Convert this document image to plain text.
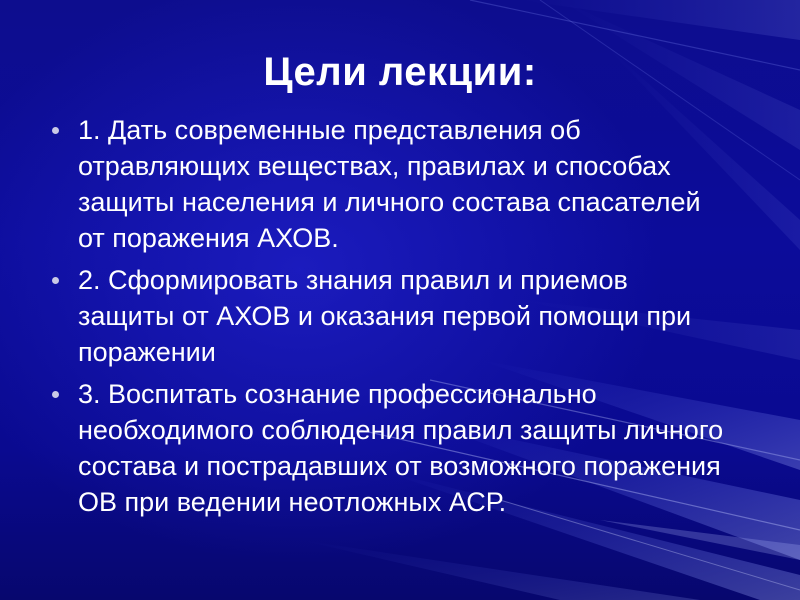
Цели лекции:
1. Дать современные представления об отравляющих веществах, правилах и способах защиты населения и личного состава спасателей от поражения АХОВ.
2. Сформировать знания правил и приемов защиты от АХОВ и оказания первой помощи при поражении
3. Воспитать сознание профессионально необходимого соблюдения правил защиты личного состава и пострадавших от возможного поражения ОВ при ведении неотложных АСР.
